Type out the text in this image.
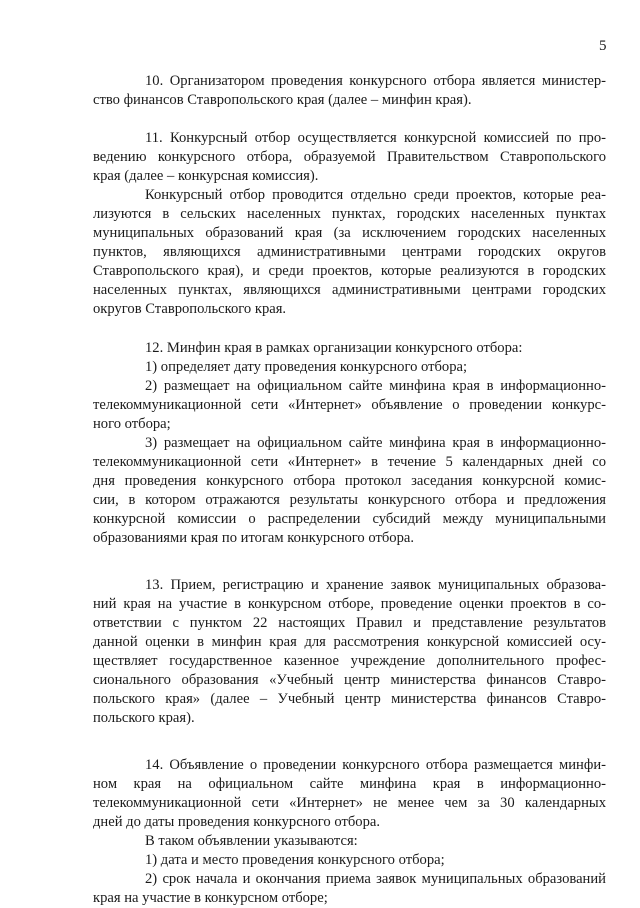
5

10. Организатором проведения конкурсного отбора является министер-
ство финансов Ставропольского края (далее – минфин края).

11. Конкурсный отбор осуществляется конкурсной комиссией по про-
ведению конкурсного отбора, образуемой Правительством Ставропольского
края (далее – конкурсная комиссия).

Конкурсный отбор проводится отдельно среди проектов, которые реа-
лизуются в сельских населенных пунктах, городских населенных пунктах
муниципальных образований края (за исключением городских населенных
пунктов, являющихся административными центрами городских округов
Ставропольского края), и среди проектов, которые реализуются в городских
населенных пунктах, являющихся административными центрами городских
округов Ставропольского края.

12. Минфин края в рамках организации конкурсного отбора:

1) определяет дату проведения конкурсного отбора;

2) размещает на официальном сайте минфина края в информационно-
телекоммуникационной сети «Интернет» объявление о проведении конкурс-
ного отбора;

3) размещает на официальном сайте минфина края в информационно-
телекоммуникационной сети «Интернет» в течение 5 календарных дней со
дня проведения конкурсного отбора протокол заседания конкурсной комис-
сии, в котором отражаются результаты конкурсного отбора и предложения
конкурсной комиссии о распределении субсидий между муниципальными
образованиями края по итогам конкурсного отбора.

13. Прием, регистрацию и хранение заявок муниципальных образова-
ний края на участие в конкурсном отборе, проведение оценки проектов в со-
ответствии с пунктом 22 настоящих Правил и представление результатов
данной оценки в минфин края для рассмотрения конкурсной комиссией осу-
ществляет государственное казенное учреждение дополнительного профес-
сионального образования «Учебный центр министерства финансов Ставро-
польского края» (далее – Учебный центр министерства финансов Ставро-
польского края).

14. Объявление о проведении конкурсного отбора размещается минфи-
ном края на официальном сайте минфина края в информационно-
телекоммуникационной сети «Интернет» не менее чем за 30 календарных
дней до даты проведения конкурсного отбора.

В таком объявлении указываются:

1) дата и место проведения конкурсного отбора;

2) срок начала и окончания приема заявок муниципальных образований
края на участие в конкурсном отборе;
